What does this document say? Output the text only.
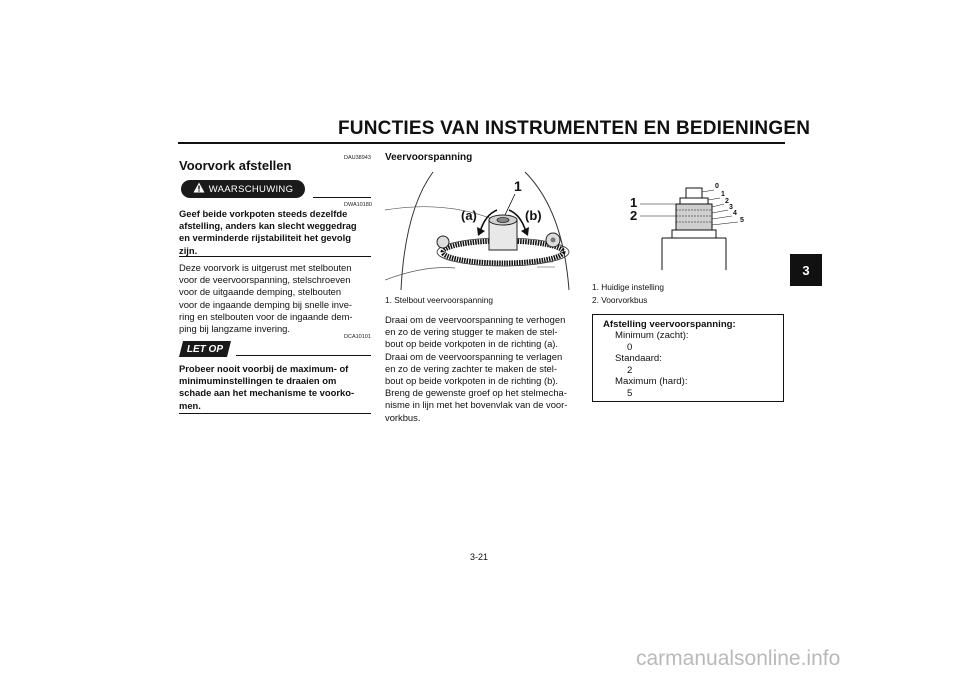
FUNCTIES VAN INSTRUMENTEN EN BEDIENINGEN
3
DAU38943
Voorvork afstellen
WAARSCHUWING
DWA10180
Geef beide vorkpoten steeds dezelfde
afstelling, anders kan slecht weggedrag
en verminderde rijstabiliteit het gevolg
zijn.
Deze voorvork is uitgerust met stelbouten
voor de veervoorspanning, stelschroeven
voor de uitgaande demping, stelbouten
voor de ingaande demping bij snelle inve-
ring en stelbouten voor de ingaande dem-
ping bij langzame invering.
LET OP
DCA10101
Probeer nooit voorbij de maximum- of
minimuminstellingen te draaien om
schade aan het mechanisme te voorko-
men.
Veervoorspanning
1
(a)	(b)
1. Stelbout veervoorspanning
Draai om de veervoorspanning te verhogen
en zo de vering stugger te maken de stel-
bout op beide vorkpoten in de richting (a).
Draai om de veervoorspanning te verlagen
en zo de vering zachter te maken de stel-
bout op beide vorkpoten in de richting (b).
Breng de gewenste groef op het stelmecha-
nisme in lijn met het bovenvlak van de voor-
vorkbus.
1
2
0
1
2
3
4
5
1. Huidige instelling
2. Voorvorkbus
Afstelling veervoorspanning:
Minimum (zacht):
0
Standaard:
2
Maximum (hard):
5
3-21
carmanualsonline.info
